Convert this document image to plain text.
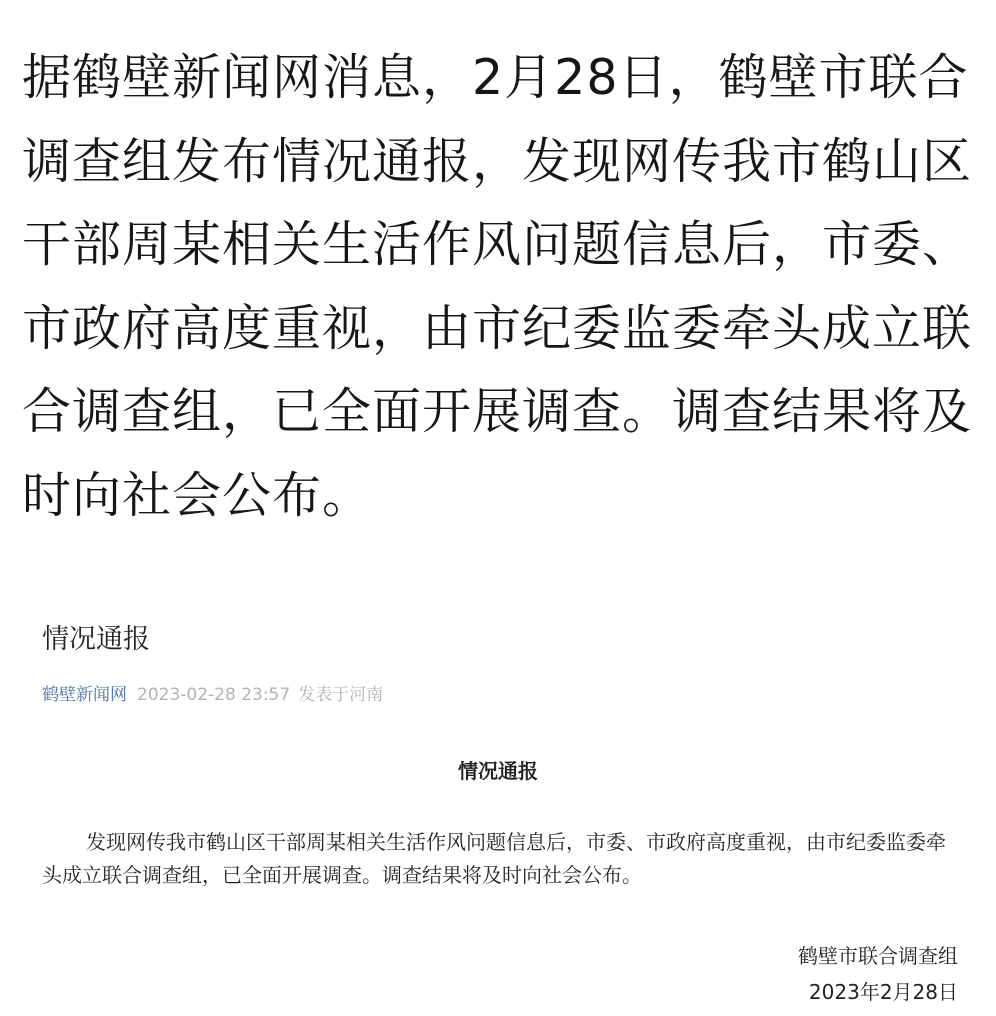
据鹤壁新闻网消息，2月28日，鹤壁市联合调查组发布情况通报，发现网传我市鹤山区干部周某相关生活作风问题信息后，市委、市政府高度重视，由市纪委监委牵头成立联合调查组，已全面开展调查。调查结果将及时向社会公布。

情况通报
鹤壁新闻网 2023-02-28 23:57 发表于河南
情况通报

发现网传我市鹤山区干部周某相关生活作风问题信息后，市委、市政府高度重视，由市纪委监委牵头成立联合调查组，已全面开展调查。调查结果将及时向社会公布。

鹤壁市联合调查组
2023年2月28日
